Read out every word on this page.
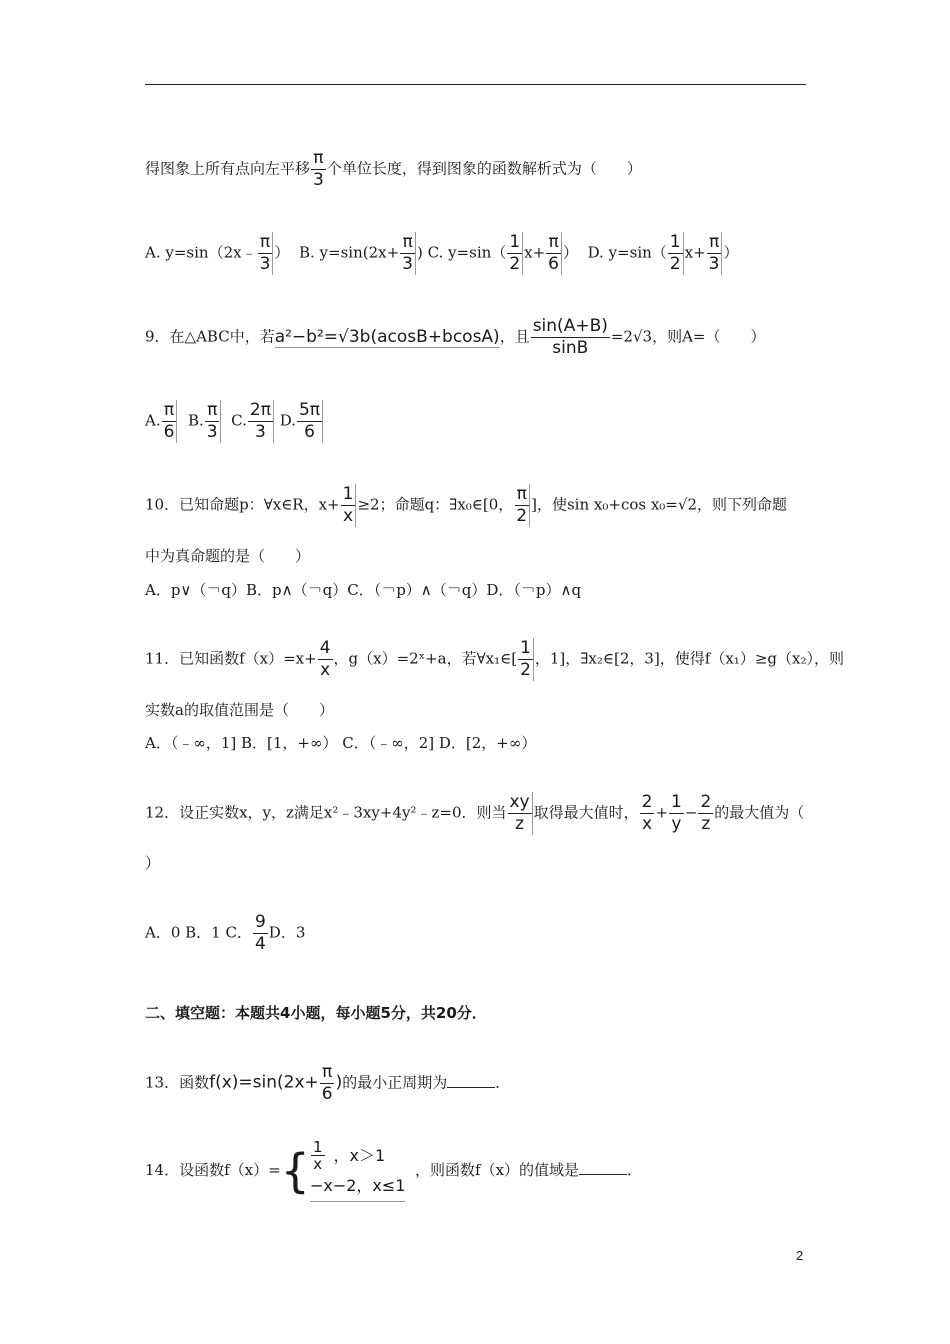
得图象上所有点向左平移 $\frac{\pi}{3}$ 个单位长度，得到图象的函数解析式为（　　）
A. y=sin（2x﹣ $\frac{\pi}{3}$ ） B. $y=\sin(2x+ \frac{\pi}{3}$ ) C. $y=\sin( \frac{1}{2} x+ \frac{\pi}{6}$ ） D. $y=\sin( \frac{1}{2} x+ \frac{\pi}{3}$ ）
9．在△ABC中，若a²−b²=√3b(acosB+bcosA)，且 $\frac{\sin(A+B)}{\sin B} =2√3$，则A=（　　）
A. $\frac{\pi}{6} B$. $\frac{\pi}{3} C$. $\frac{2\pi}{3} D$. $\frac{5\pi}{6}$
10．已知命题p：∀x∈R，$x+ \frac{1}{x} \ge 2$；命题q：∃x₀∈[0， $\frac{\pi}{2}$ ]，使sin x₀+cos x₀=√2，则下列命题
中为真命题的是（　　）
A．p∨（￢q）B．p∧（￢q）C．（￢p）∧（￢q）D．（￢p）∧q
11．已知函数$f(x)=x+ \frac{4}{x}$ ，g（x）=2ˣ+a，若∀x₁∈[ $\frac{1}{2}$ ，1]，∃x₂∈[2，3]，使得f（x₁）≥g（x₂），则
实数a的取值范围是（　　）
A．（﹣∞，1] B．[1，+∞） C．（﹣∞，2] D．[2，+∞）
12．设正实数x，y，z满足x²﹣3xy+4y²﹣z=0．则当 $\frac{xy}{z}$ 取得最大值时， $\frac{2}{x} + \frac{1}{y} - \frac{2}{z}$ 的最大值为（
）
A．0 B．1 C． $\frac{9}{4}$ D．3
二、填空题：本题共4小题，每小题5分，共20分．
13．函数$f(x)=\sin(2x+ \frac{\pi}{6}$ )的最小正周期为	．
14．设函数f（x）= { $\frac{1}{x}$ ，x＞1
−x−2，x≤1
，则函数f（x）的值域是	．
2
